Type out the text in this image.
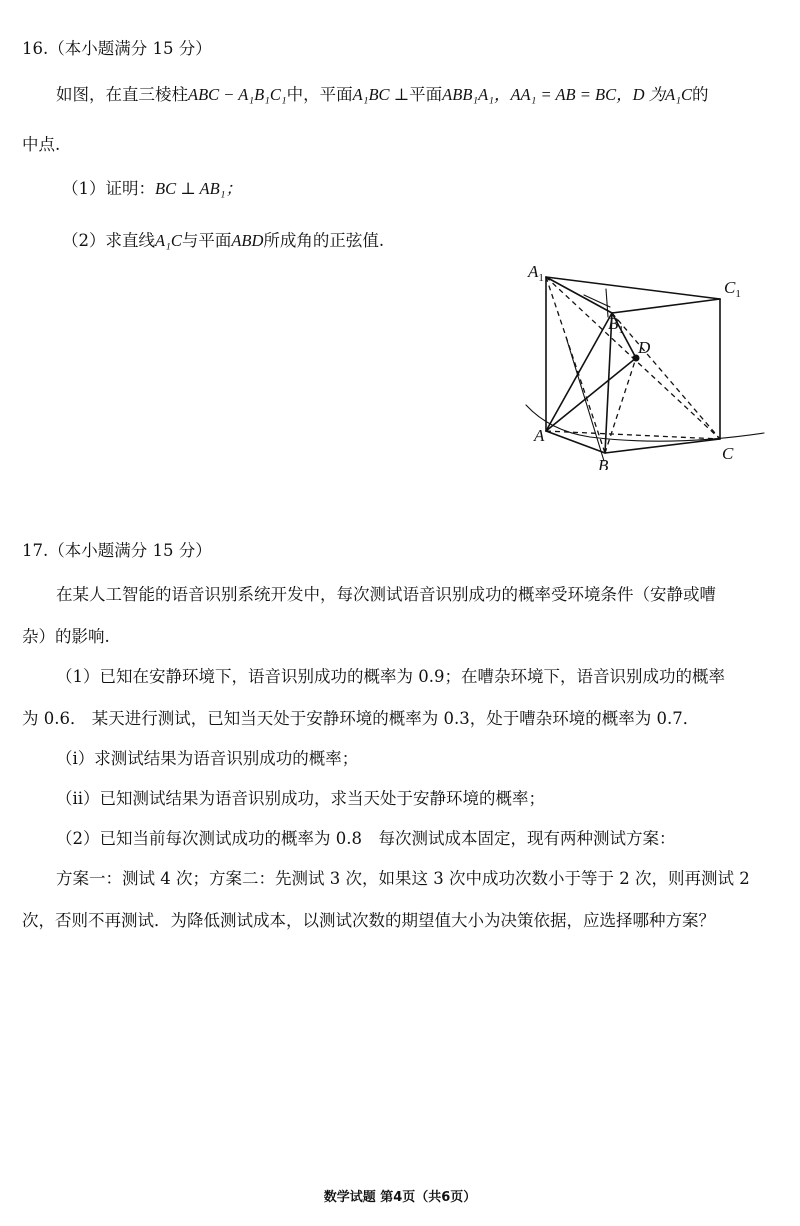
16.（本小题满分 15 分）
如图，在直三棱柱ABC − A₁B₁C₁中，平面A₁BC ⊥平面ABB₁A₁，AA₁ = AB = BC，D 为A₁C的
中点.
（1）证明：BC ⊥ AB₁；
（2）求直线A₁C与平面ABD所成角的正弦值.
$A_1$
$B_1$
$C_1$
D
A
B
C
17.（本小题满分 15 分）
在某人工智能的语音识别系统开发中，每次测试语音识别成功的概率受环境条件（安静或嘈
杂）的影响.
（1）已知在安静环境下，语音识别成功的概率为 0.9；在嘈杂环境下，语音识别成功的概率
为 0.6． 某天进行测试，已知当天处于安静环境的概率为 0.3，处于嘈杂环境的概率为 0.7．
（i）求测试结果为语音识别成功的概率；
（ii）已知测试结果为语音识别成功，求当天处于安静环境的概率；
（2）已知当前每次测试成功的概率为 0.8　每次测试成本固定，现有两种测试方案：
方案一：测试 4 次；方案二：先测试 3 次，如果这 3 次中成功次数小于等于 2 次，则再测试 2
次，否则不再测试．为降低测试成本，以测试次数的期望值大小为决策依据，应选择哪种方案？
数学试题 第4页（共6页）
